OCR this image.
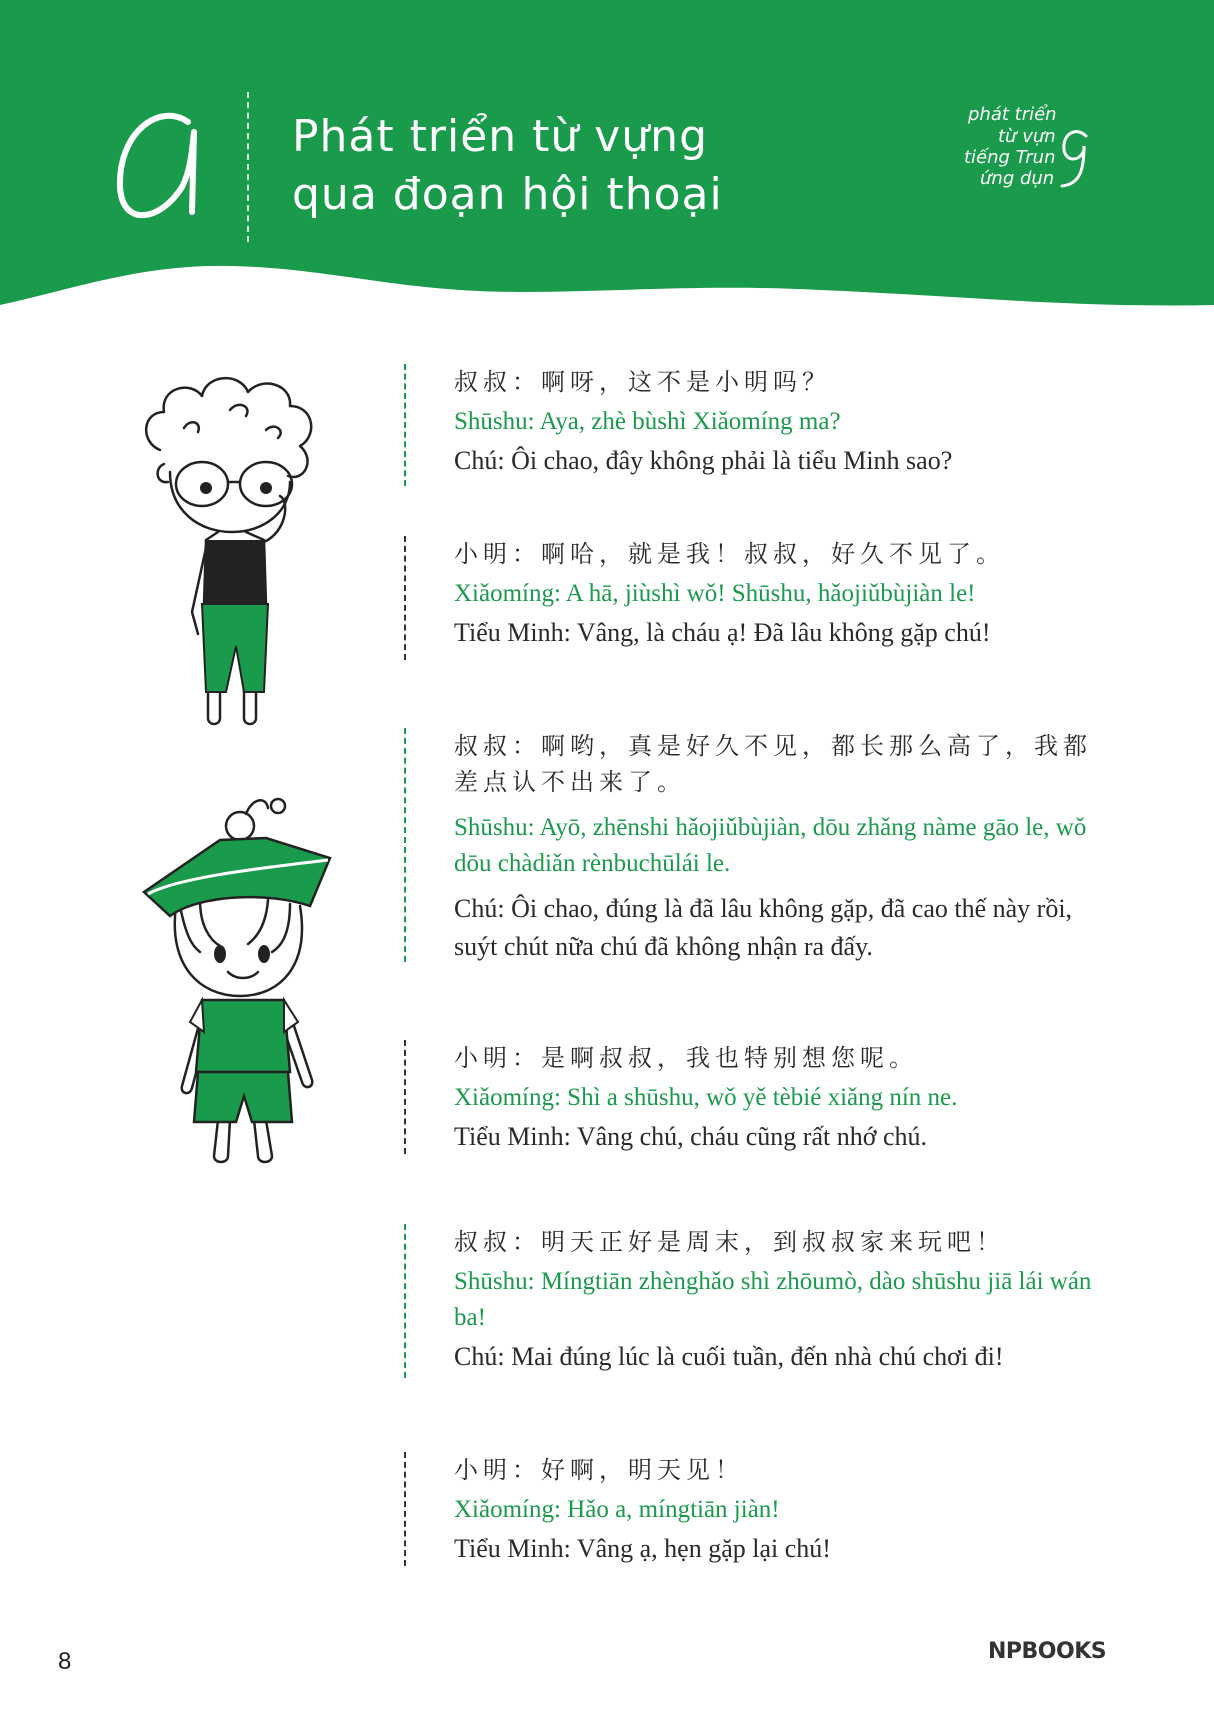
Phát triển từ vựng
qua đoạn hội thoại
phát triển
từ vựn
tiếng Trun
ứng dụn
叔叔：啊呀，这不是小明吗？
Shūshu: Aya, zhè bùshì Xiǎomíng ma?
Chú: Ôi chao, đây không phải là tiểu Minh sao?
小明：啊哈，就是我！叔叔，好久不见了。
Xiǎomíng: A hā, jiùshì wǒ! Shūshu, hǎojiǔbùjiàn le!
Tiểu Minh: Vâng, là cháu ạ! Đã lâu không gặp chú!
叔叔：啊哟，真是好久不见，都长那么高了，我都差点认不出来了。
Shūshu: Ayō, zhēnshi hǎojiǔbùjiàn, dōu zhǎng nàme gāo le, wǒ dōu chàdiǎn rènbuchūlái le.
Chú: Ôi chao, đúng là đã lâu không gặp, đã cao thế này rồi, suýt chút nữa chú đã không nhận ra đấy.
小明：是啊叔叔，我也特别想您呢。
Xiǎomíng: Shì a shūshu, wǒ yě tèbié xiǎng nín ne.
Tiểu Minh: Vâng chú, cháu cũng rất nhớ chú.
叔叔：明天正好是周末，到叔叔家来玩吧！
Shūshu: Míngtiān zhènghǎo shì zhōumò, dào shūshu jiā lái wán ba!
Chú: Mai đúng lúc là cuối tuần, đến nhà chú chơi đi!
小明：好啊，明天见！
Xiǎomíng: Hǎo a, míngtiān jiàn!
Tiểu Minh: Vâng ạ, hẹn gặp lại chú!
8	NPBOOKS
